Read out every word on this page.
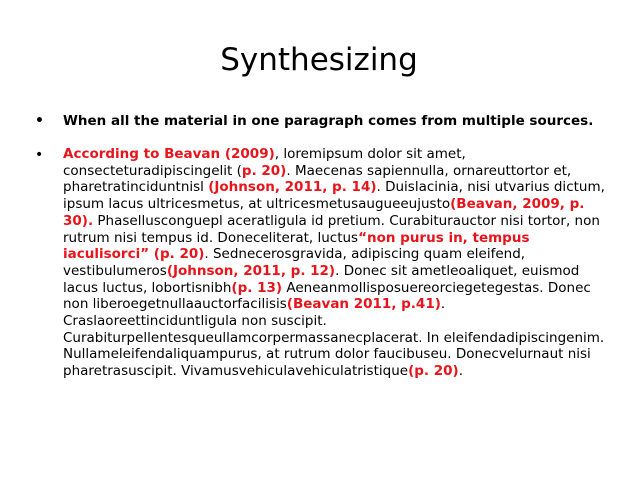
Synthesizing
• When all the material in one paragraph comes from multiple sources.
• According to Beavan (2009), loremipsum dolor sit amet, consecteturadipiscingelit (p. 20). Maecenas sapiennulla, ornareuttortor et, pharetratinciduntnisl (Johnson, 2011, p. 14). Duislacinia, nisi utvarius dictum, ipsum lacus ultricesmetus, at ultricesmetusaugueeujusto(Beavan, 2009, p. 30). Phasellusconguepl aceratligula id pretium. Curabiturauctor nisi tortor, non rutrum nisi tempus id. Doneceliterat, luctus“non purus in, tempus iaculisorci” (p. 20). Sednecerosgravida, adipiscing quam eleifend, vestibulumeros(Johnson, 2011, p. 12). Donec sit ametleoaliquet, euismod lacus luctus, lobortisnibh(p. 13) Aeneanmollisposuereorciegetegestas. Donec non liberoegetnullaauctorfacilisis(Beavan 2011, p.41). Craslaoreettinciduntligula non suscipit. Curabiturpellentesqueullamcorpermassanecplacerat. In eleifendadipiscingenim. Nullameleifendaliquampurus, at rutrum dolor faucibuseu. Donecvelurnaut nisi pharetrasuscipit. Vivamusvehiculavehiculatristique(p. 20).
